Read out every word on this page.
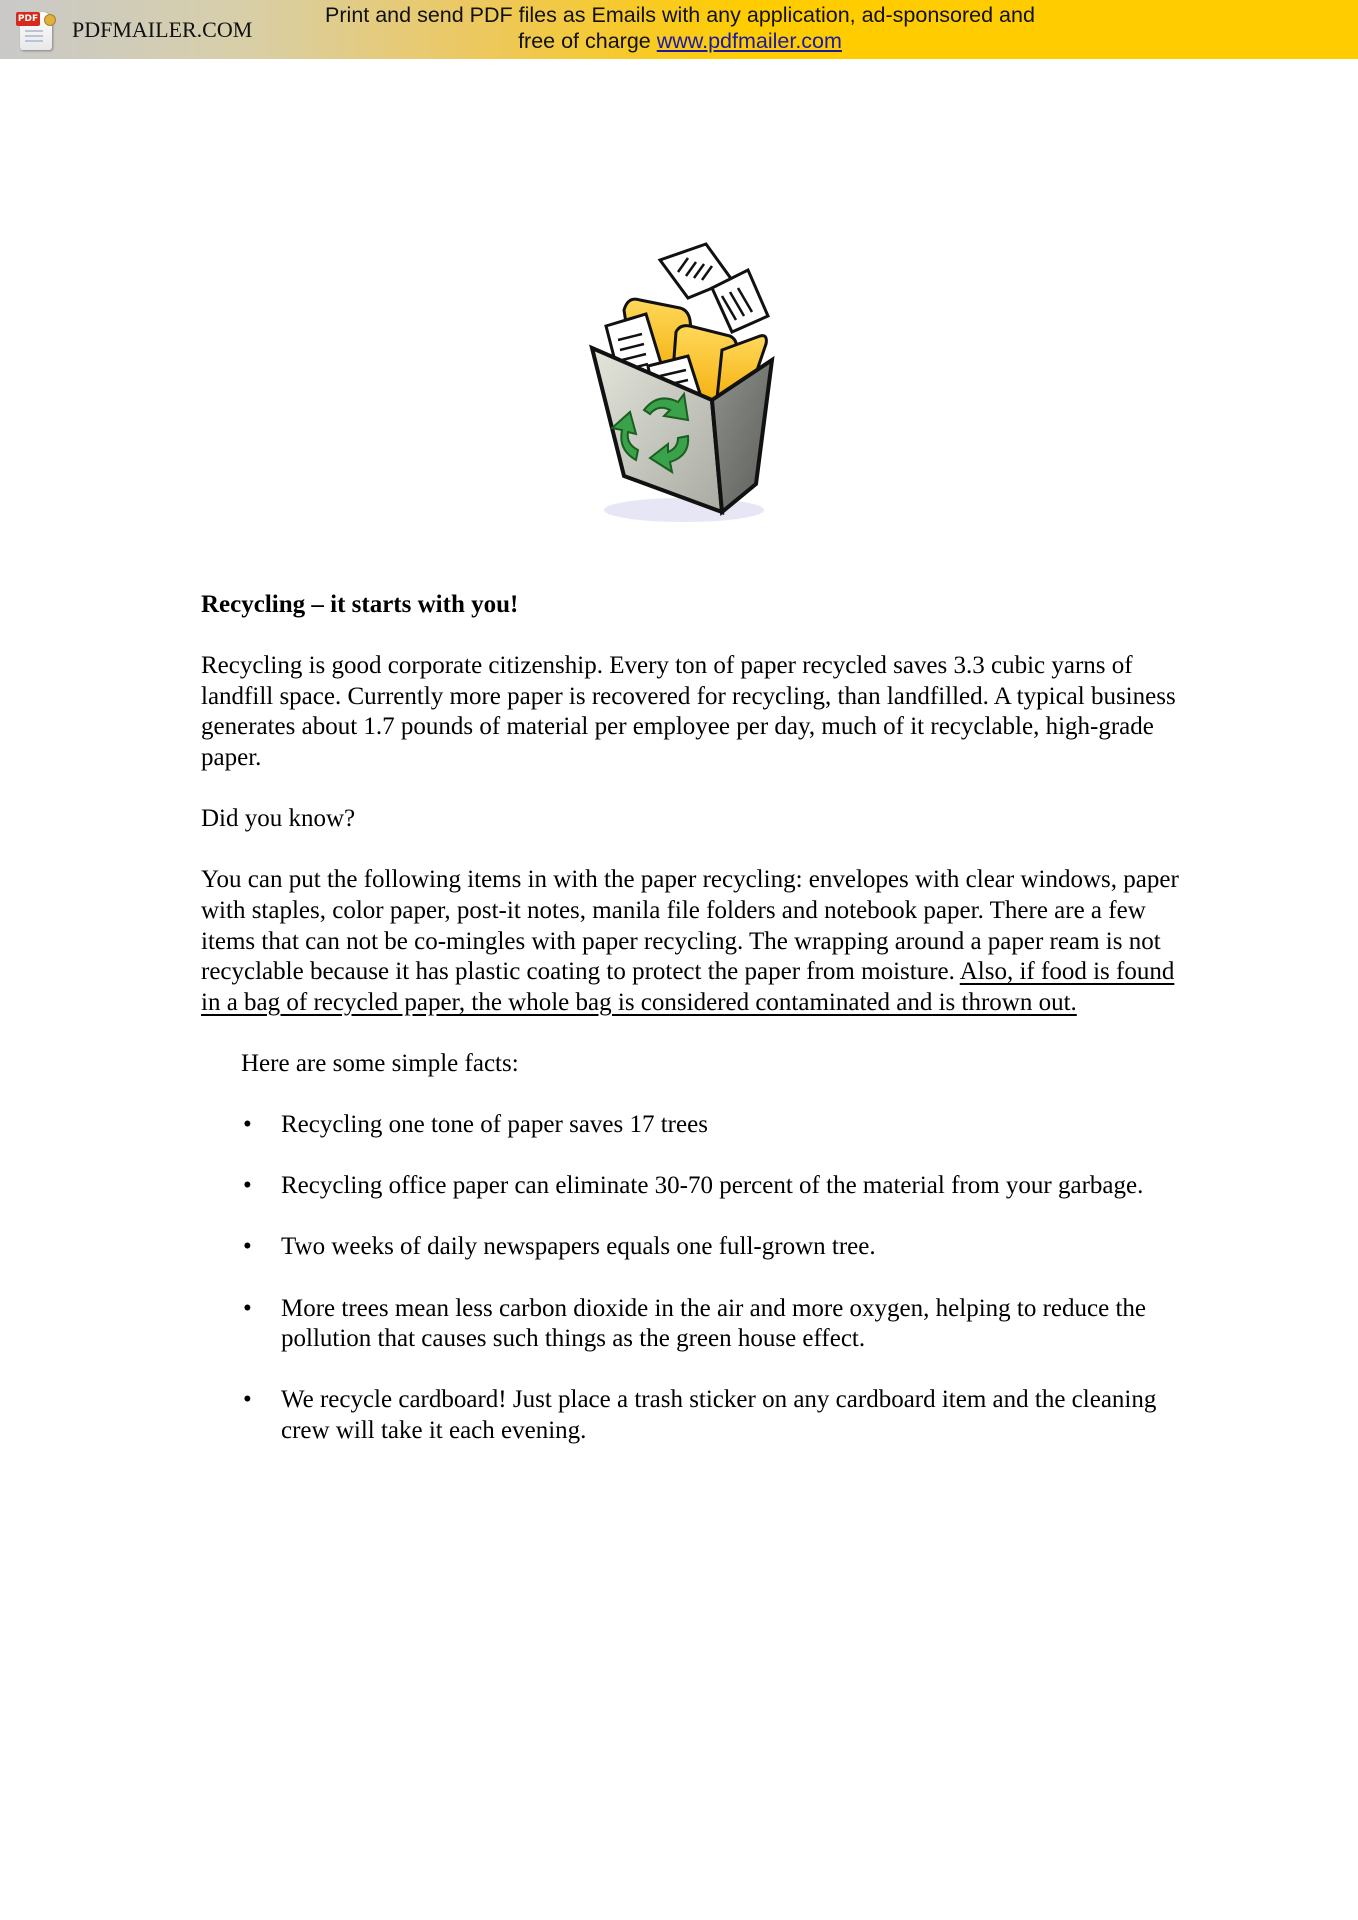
PDF PDFMAILER.COM
Print and send PDF files as Emails with any application, ad-sponsored and
free of charge www.pdfmailer.com

Recycling – it starts with you!

Recycling is good corporate citizenship. Every ton of paper recycled saves 3.3 cubic yarns of landfill space. Currently more paper is recovered for recycling, than landfilled. A typical business generates about 1.7 pounds of material per employee per day, much of it recyclable, high-grade paper.

Did you know?

You can put the following items in with the paper recycling: envelopes with clear windows, paper with staples, color paper, post-it notes, manila file folders and notebook paper. There are a few items that can not be co-mingles with paper recycling. The wrapping around a paper ream is not recyclable because it has plastic coating to protect the paper from moisture. Also, if food is found in a bag of recycled paper, the whole bag is considered contaminated and is thrown out.

Here are some simple facts:

• Recycling one tone of paper saves 17 trees
• Recycling office paper can eliminate 30-70 percent of the material from your garbage.
• Two weeks of daily newspapers equals one full-grown tree.
• More trees mean less carbon dioxide in the air and more oxygen, helping to reduce the pollution that causes such things as the green house effect.
• We recycle cardboard! Just place a trash sticker on any cardboard item and the cleaning crew will take it each evening.
